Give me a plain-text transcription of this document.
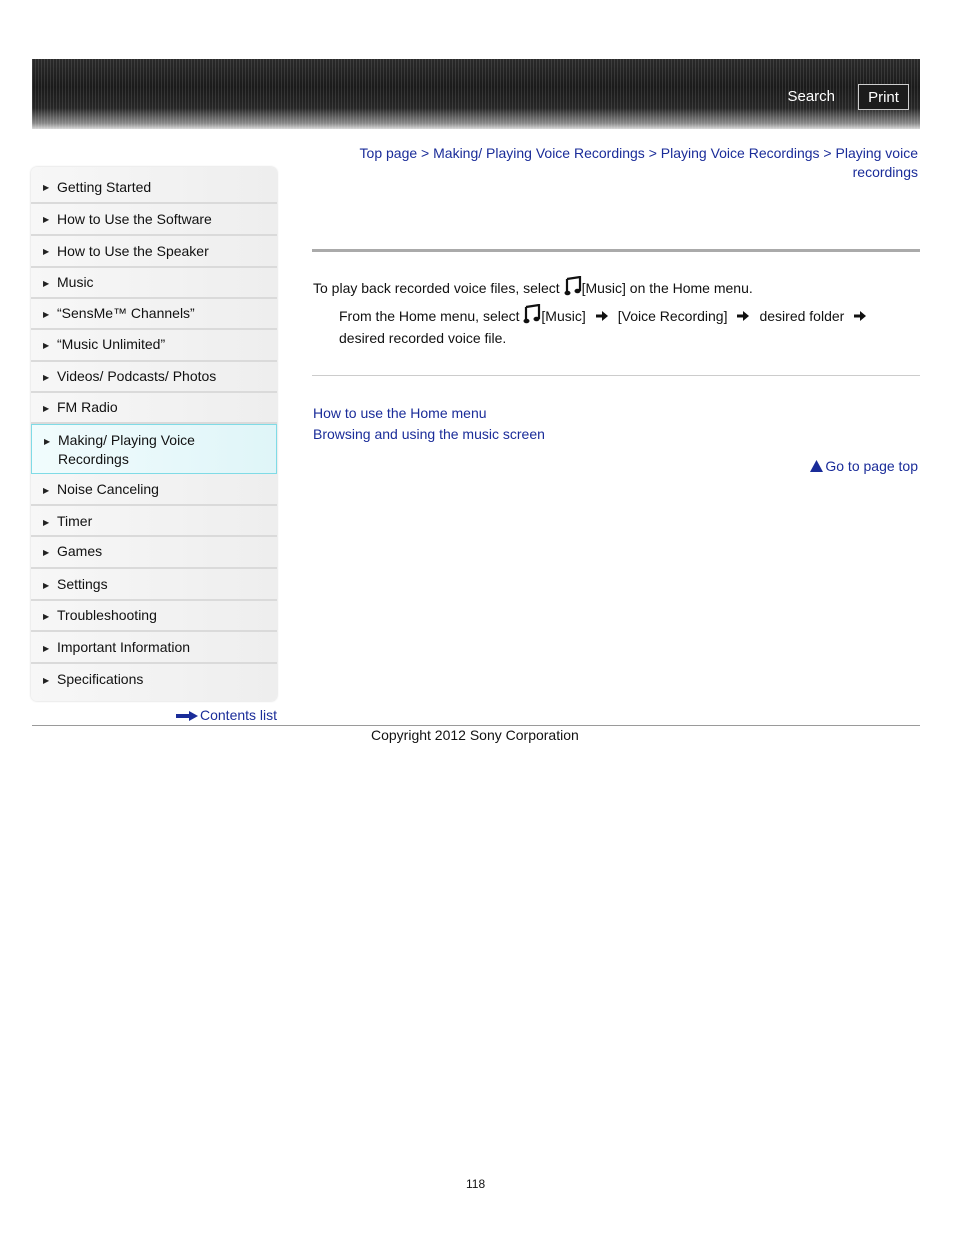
Search	Print
Top page > Making/ Playing Voice Recordings > Playing Voice Recordings > Playing voice
recordings
▶ Getting Started
▶ How to Use the Software
▶ How to Use the Speaker
▶ Music
▶ “SensMe™ Channels”
▶ “Music Unlimited”
▶ Videos/ Podcasts/ Photos
▶ FM Radio
▶ Making/ Playing Voice
Recordings
▶ Noise Canceling
▶ Timer
▶ Games
▶ Settings
▶ Troubleshooting
▶ Important Information
▶ Specifications
Contents list
To play back recorded voice files, select [Music] on the Home menu.
From the Home menu, select [Music] [Voice Recording] desired folder
desired recorded voice file.
How to use the Home menu
Browsing and using the music screen
Go to page top
Copyright 2012 Sony Corporation
118
